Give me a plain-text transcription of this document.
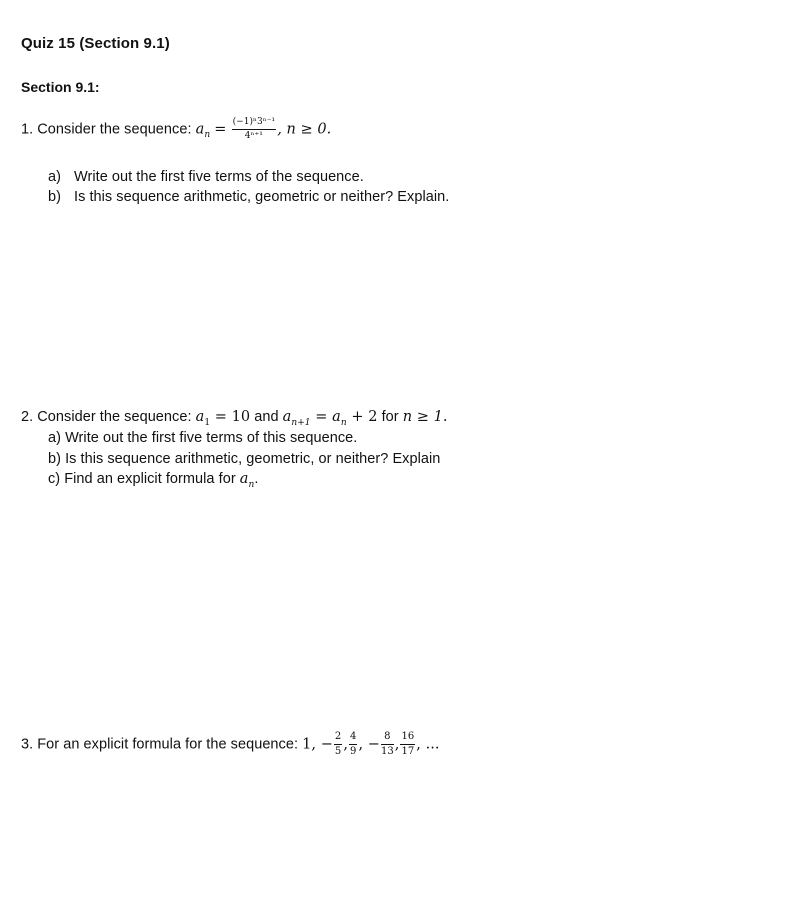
Quiz 15 (Section 9.1)
Section 9.1:
1. Consider the sequence: $a_n = \frac{\text{(−1)ⁿ3ⁿ⁻¹}}{\text{4ⁿ⁺¹}}$ , n ≥ 0.
a) Write out the first five terms of the sequence.
b) Is this sequence arithmetic, geometric or neither? Explain.
2. Consider the sequence: $a_1 = 10$ and $a_{n+1} = a_n + 2$ for n ≥ 1.
a) Write out the first five terms of this sequence.
b) Is this sequence arithmetic, geometric, or neither? Explain
c) Find an explicit formula for $a_n$.
3. For an explicit formula for the sequence: 1, − $\frac{2}{5}$ , $\frac{4}{9}$ , − $\frac{8}{13}$ , $\frac{16}{17}$ , ...
